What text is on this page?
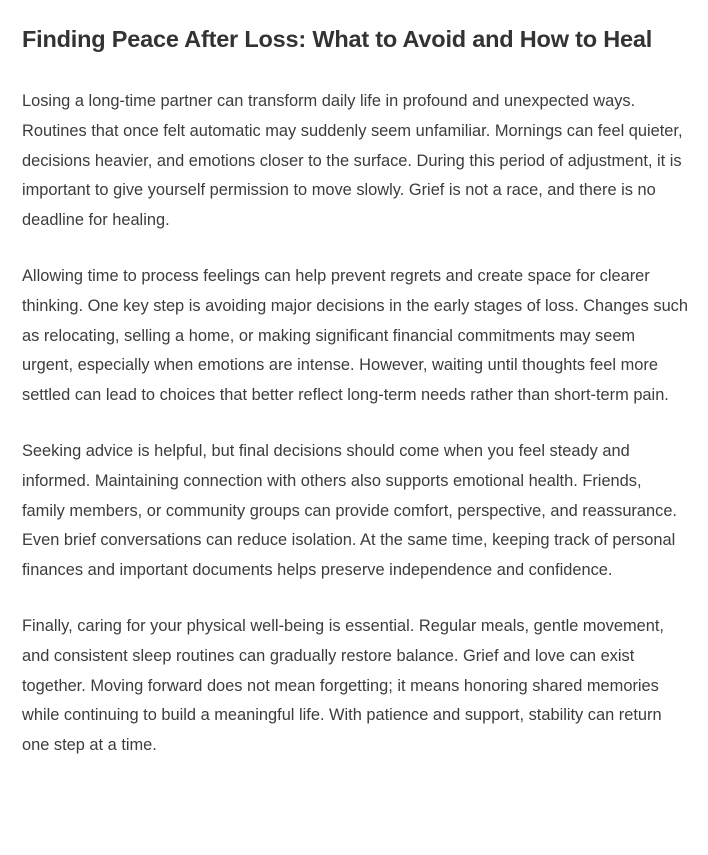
Finding Peace After Loss: What to Avoid and How to Heal

Losing a long-time partner can transform daily life in profound and unexpected ways. Routines that once felt automatic may suddenly seem unfamiliar. Mornings can feel quieter, decisions heavier, and emotions closer to the surface. During this period of adjustment, it is important to give yourself permission to move slowly. Grief is not a race, and there is no deadline for healing.

Allowing time to process feelings can help prevent regrets and create space for clearer thinking. One key step is avoiding major decisions in the early stages of loss. Changes such as relocating, selling a home, or making significant financial commitments may seem urgent, especially when emotions are intense. However, waiting until thoughts feel more settled can lead to choices that better reflect long-term needs rather than short-term pain.

Seeking advice is helpful, but final decisions should come when you feel steady and informed. Maintaining connection with others also supports emotional health. Friends, family members, or community groups can provide comfort, perspective, and reassurance. Even brief conversations can reduce isolation. At the same time, keeping track of personal finances and important documents helps preserve independence and confidence.

Finally, caring for your physical well-being is essential. Regular meals, gentle movement, and consistent sleep routines can gradually restore balance. Grief and love can exist together. Moving forward does not mean forgetting; it means honoring shared memories while continuing to build a meaningful life. With patience and support, stability can return one step at a time.
